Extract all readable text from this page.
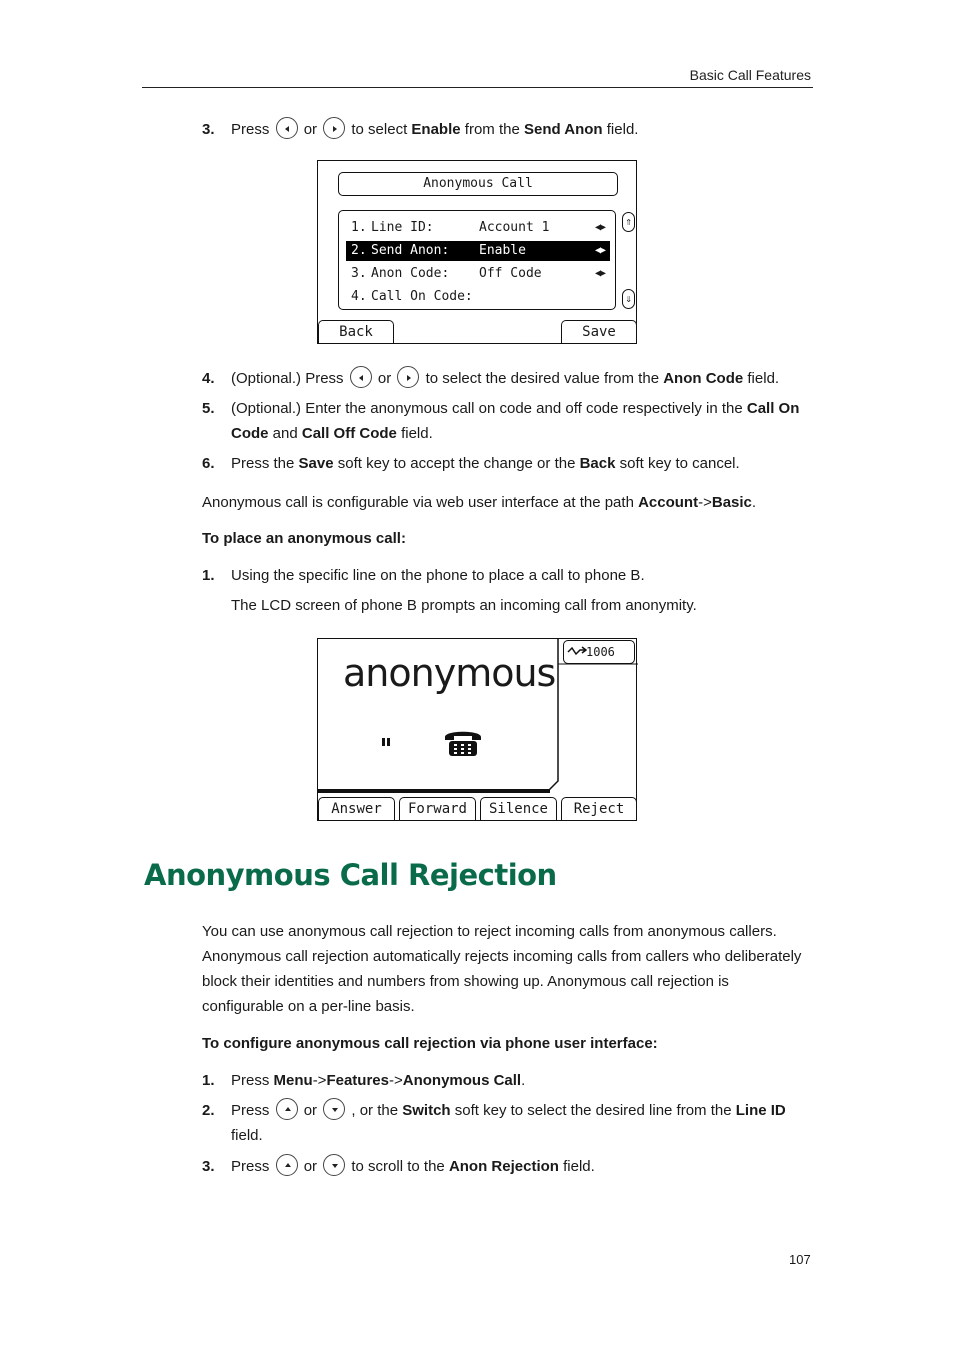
Basic Call Features
3. Press or to select Enable from the Send Anon field.
Anonymous Call
1. Line ID:	Account 1	◀▶
2. Send Anon: Enable	◀▶
3. Anon Code: Off Code	◀▶
4. Call On Code:
⇑
⇓
Back	Save
4. (Optional.) Press or to select the desired value from the Anon Code field.
5. (Optional.) Enter the anonymous call on code and off code respectively in the Call On Code and Call Off Code field.
6. Press the Save soft key to accept the change or the Back soft key to cancel.
Anonymous call is configurable via web user interface at the path Account->Basic.
To place an anonymous call:
1. Using the specific line on the phone to place a call to phone B.
The LCD screen of phone B prompts an incoming call from anonymity.
anonymous	1006
Answer	Forward	Silence	Reject
Anonymous Call Rejection
You can use anonymous call rejection to reject incoming calls from anonymous callers. Anonymous call rejection automatically rejects incoming calls from callers who deliberately block their identities and numbers from showing up. Anonymous call rejection is configurable on a per-line basis.
To configure anonymous call rejection via phone user interface:
1. Press Menu->Features->Anonymous Call.
2. Press or , or the Switch soft key to select the desired line from the Line ID field.
3. Press or to scroll to the Anon Rejection field.
107
